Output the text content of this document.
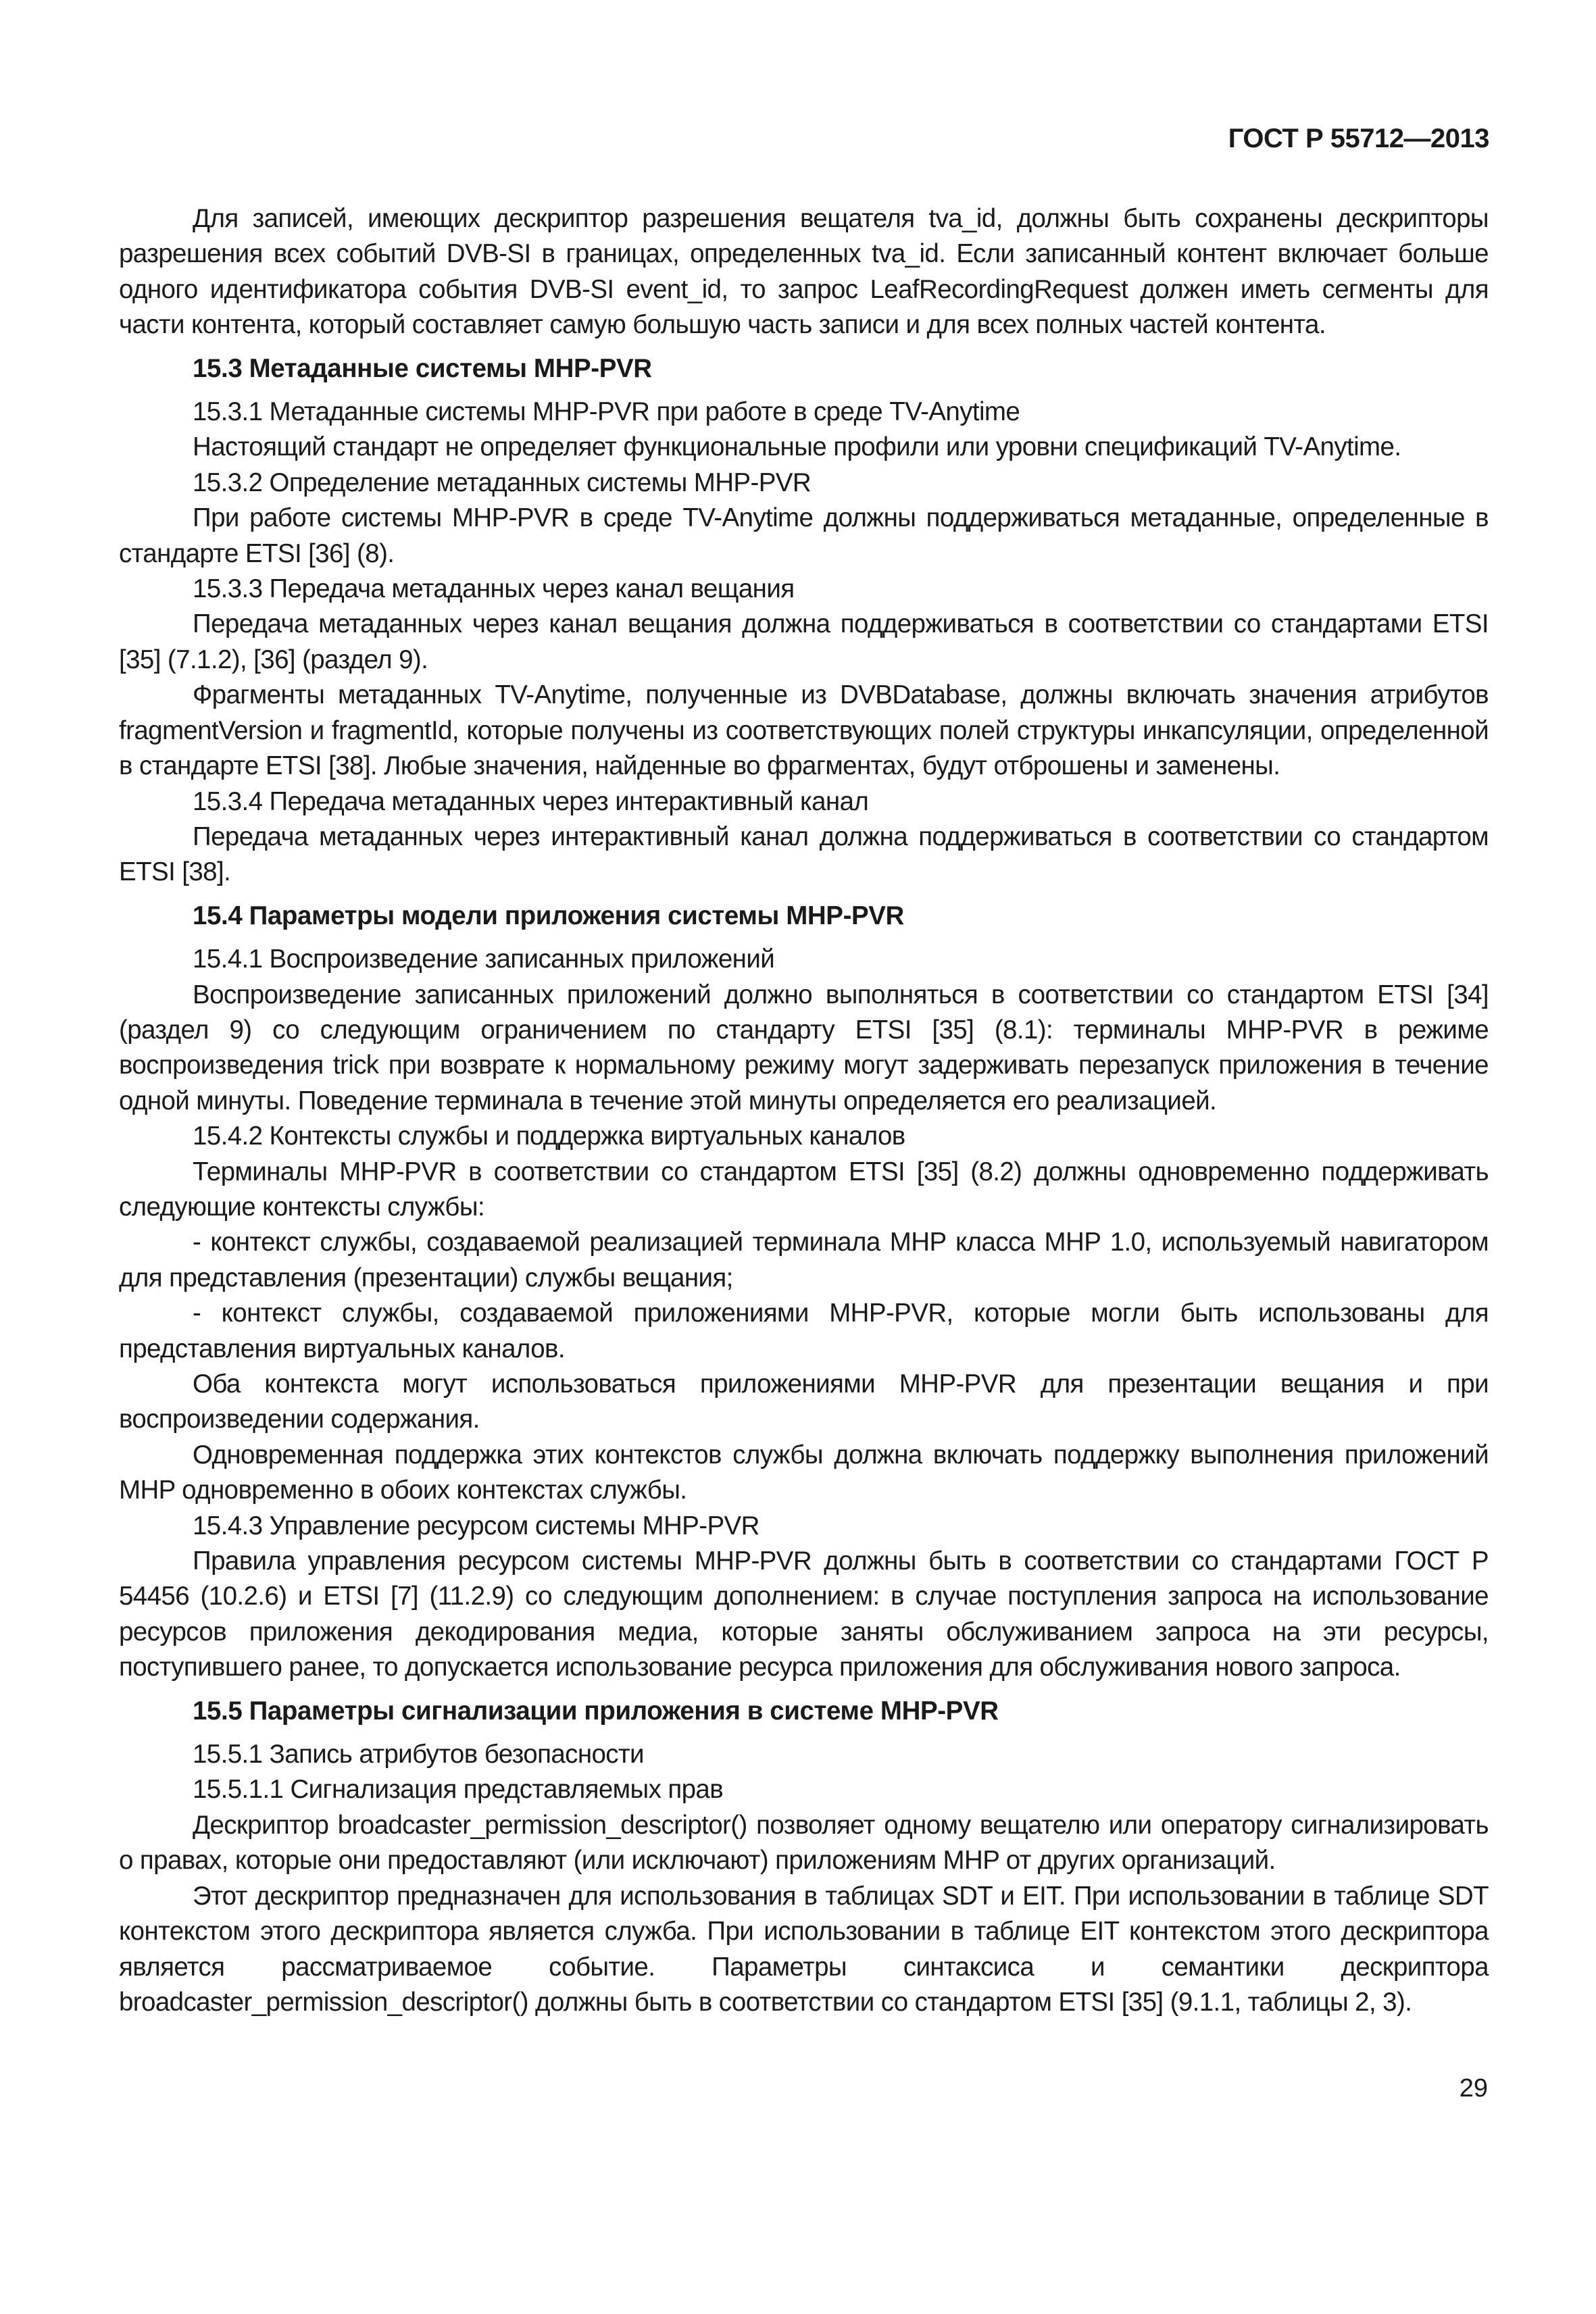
ГОСТ Р 55712—2013

Для записей, имеющих дескриптор разрешения вещателя tva_id, должны быть сохранены дескрипторы разрешения всех событий DVB-SI в границах, определенных tva_id. Если записанный контент включает больше одного идентификатора события DVB-SI event_id, то запрос LeafRecordingRequest должен иметь сегменты для части контента, который составляет самую большую часть записи и для всех полных частей контента.

15.3 Метаданные системы MHP-PVR

15.3.1 Метаданные системы MHP-PVR при работе в среде TV-Anytime

Настоящий стандарт не определяет функциональные профили или уровни спецификаций TV-Anytime.

15.3.2 Определение метаданных системы MHP-PVR

При работе системы MHP-PVR в среде TV-Anytime должны поддерживаться метаданные, определенные в стандарте ETSI [36] (8).

15.3.3 Передача метаданных через канал вещания

Передача метаданных через канал вещания должна поддерживаться в соответствии со стандартами ETSI [35] (7.1.2), [36] (раздел 9).

Фрагменты метаданных TV-Anytime, полученные из DVBDatabase, должны включать значения атрибутов fragmentVersion и fragmentId, которые получены из соответствующих полей структуры инкапсуляции, определенной в стандарте ETSI [38]. Любые значения, найденные во фрагментах, будут отброшены и заменены.

15.3.4 Передача метаданных через интерактивный канал

Передача метаданных через интерактивный канал должна поддерживаться в соответствии со стандартом ETSI [38].

15.4 Параметры модели приложения системы MHP-PVR

15.4.1 Воспроизведение записанных приложений

Воспроизведение записанных приложений должно выполняться в соответствии со стандартом ETSI [34] (раздел 9) со следующим ограничением по стандарту ETSI [35] (8.1): терминалы MHP-PVR в режиме воспроизведения trick при возврате к нормальному режиму могут задерживать перезапуск приложения в течение одной минуты. Поведение терминала в течение этой минуты определяется его реализацией.

15.4.2 Контексты службы и поддержка виртуальных каналов

Терминалы MHP-PVR в соответствии со стандартом ETSI [35] (8.2) должны одновременно поддерживать следующие контексты службы:

- контекст службы, создаваемой реализацией терминала MHP класса MHP 1.0, используемый навигатором для представления (презентации) службы вещания;

- контекст службы, создаваемой приложениями MHP-PVR, которые могли быть использованы для представления виртуальных каналов.

Оба контекста могут использоваться приложениями MHP-PVR для презентации вещания и при воспроизведении содержания.

Одновременная поддержка этих контекстов службы должна включать поддержку выполнения приложений MHP одновременно в обоих контекстах службы.

15.4.3 Управление ресурсом системы MHP-PVR

Правила управления ресурсом системы MHP-PVR должны быть в соответствии со стандартами ГОСТ Р 54456 (10.2.6) и ETSI [7] (11.2.9) со следующим дополнением: в случае поступления запроса на использование ресурсов приложения декодирования медиа, которые заняты обслуживанием запроса на эти ресурсы, поступившего ранее, то допускается использование ресурса приложения для обслуживания нового запроса.

15.5 Параметры сигнализации приложения в системе MHP-PVR

15.5.1 Запись атрибутов безопасности

15.5.1.1 Сигнализация представляемых прав

Дескриптор broadcaster_permission_descriptor() позволяет одному вещателю или оператору сигнализировать о правах, которые они предоставляют (или исключают) приложениям MHP от других организаций.

Этот дескриптор предназначен для использования в таблицах SDT и EIT. При использовании в таблице SDT контекстом этого дескриптора является служба. При использовании в таблице EIT контекстом этого дескриптора является рассматриваемое событие. Параметры синтаксиса и семантики дескриптора broadcaster_permission_descriptor() должны быть в соответствии со стандартом ETSI [35] (9.1.1, таблицы 2, 3).

29
